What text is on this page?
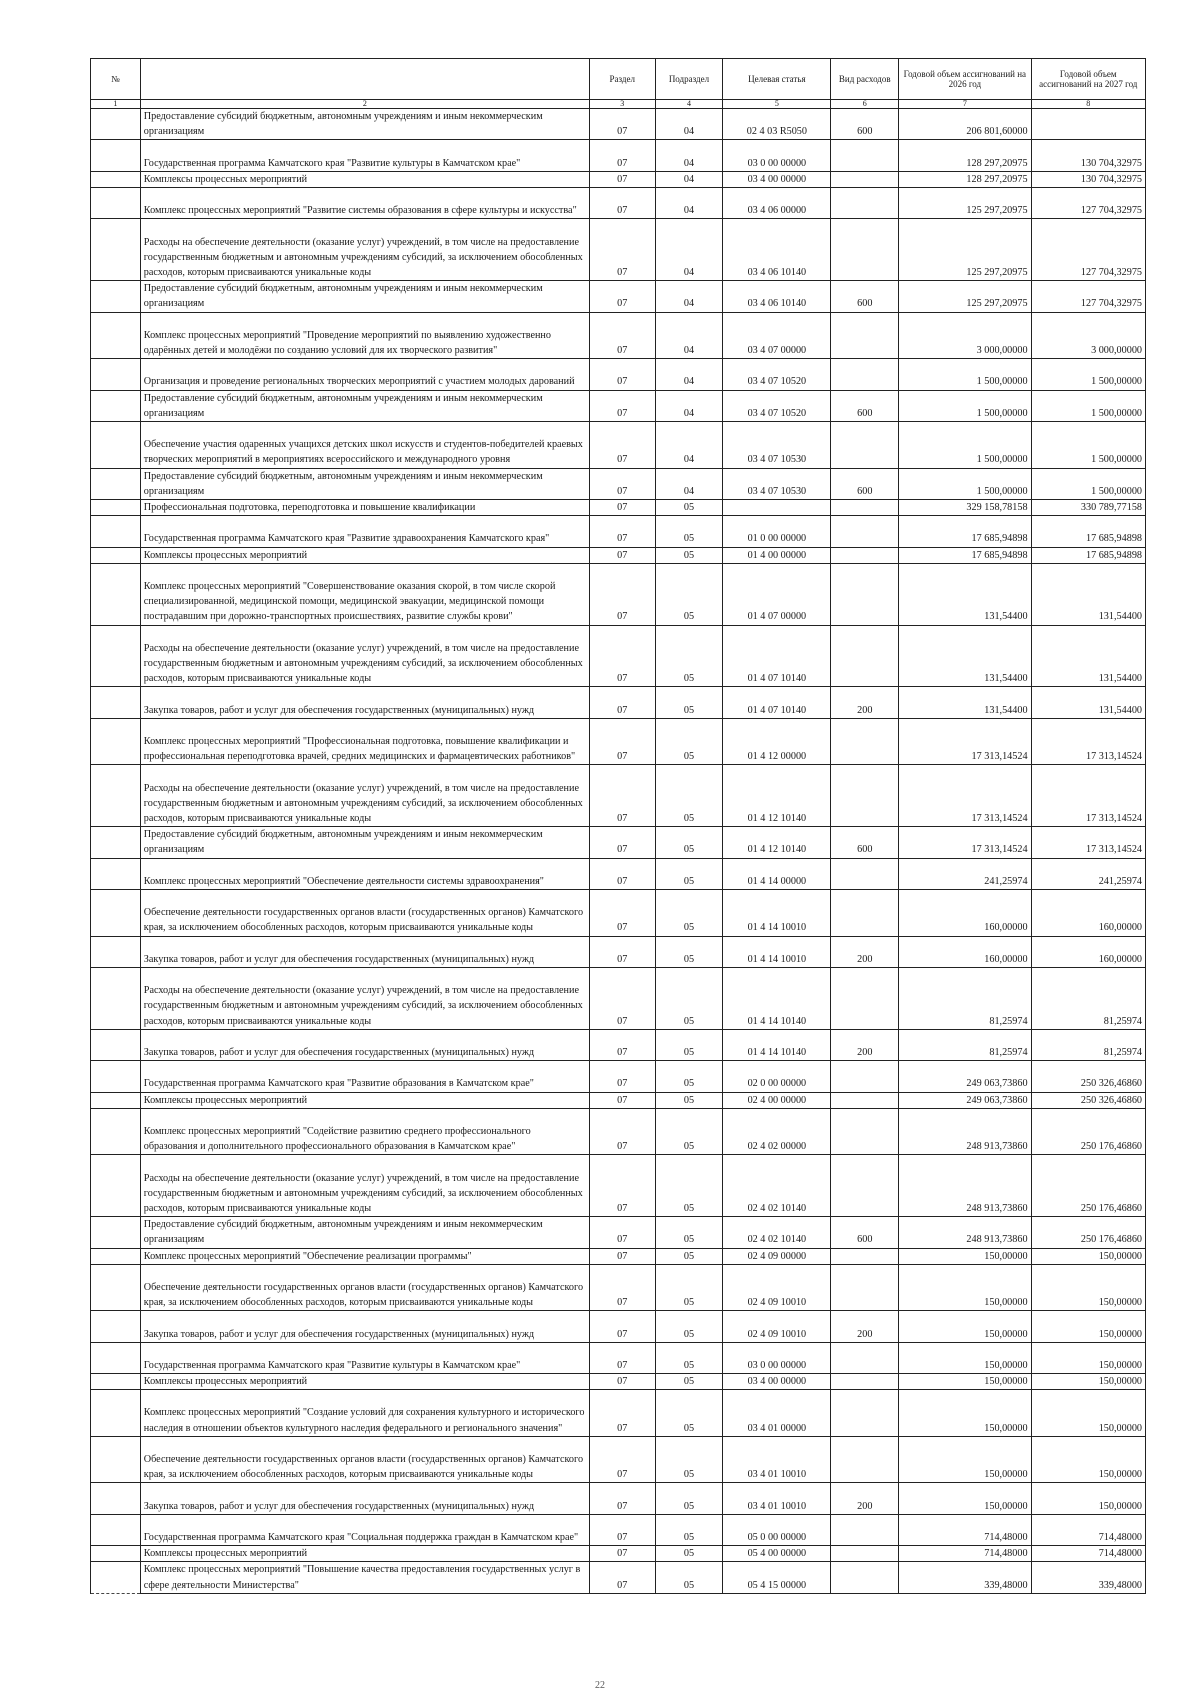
№		Раздел	Подраздел	Целевая статья	Вид расходов	Годовой объем ассигнований на 2026 год	Годовой объем ассигнований на 2027 год
1	2	3	4	5	6	7	8
	Предоставление субсидий бюджетным, автономным учреждениям и иным некоммерческим организациям	07	04	02 4 03 R5050	600	206 801,60000	
	Государственная программа Камчатского края "Развитие культуры в Камчатском крае"	07	04	03 0 00 00000		128 297,20975	130 704,32975
	Комплексы процессных мероприятий	07	04	03 4 00 00000		128 297,20975	130 704,32975
	Комплекс процессных мероприятий "Развитие системы образования в сфере культуры и искусства"	07	04	03 4 06 00000		125 297,20975	127 704,32975
	Расходы на обеспечение деятельности (оказание услуг) учреждений, в том числе на предоставление государственным бюджетным и автономным учреждениям субсидий, за исключением обособленных расходов, которым присваиваются уникальные коды	07	04	03 4 06 10140		125 297,20975	127 704,32975
	Предоставление субсидий бюджетным, автономным учреждениям и иным некоммерческим организациям	07	04	03 4 06 10140	600	125 297,20975	127 704,32975
	Комплекс процессных мероприятий "Проведение мероприятий по выявлению художественно одарённых детей и молодёжи по созданию условий для их творческого развития"	07	04	03 4 07 00000		3 000,00000	3 000,00000
	Организация и проведение региональных творческих мероприятий с участием молодых дарований	07	04	03 4 07 10520		1 500,00000	1 500,00000
	Предоставление субсидий бюджетным, автономным учреждениям и иным некоммерческим организациям	07	04	03 4 07 10520	600	1 500,00000	1 500,00000
	Обеспечение участия одаренных учащихся детских школ искусств и студентов-победителей краевых творческих мероприятий в мероприятиях всероссийского и международного уровня	07	04	03 4 07 10530		1 500,00000	1 500,00000
	Предоставление субсидий бюджетным, автономным учреждениям и иным некоммерческим организациям	07	04	03 4 07 10530	600	1 500,00000	1 500,00000
	Профессиональная подготовка, переподготовка и повышение квалификации	07	05			329 158,78158	330 789,77158
	Государственная программа Камчатского края "Развитие здравоохранения Камчатского края"	07	05	01 0 00 00000		17 685,94898	17 685,94898
	Комплексы процессных мероприятий	07	05	01 4 00 00000		17 685,94898	17 685,94898
	Комплекс процессных мероприятий "Совершенствование оказания скорой, в том числе скорой специализированной, медицинской помощи, медицинской эвакуации, медицинской помощи пострадавшим при дорожно-транспортных происшествиях, развитие службы крови"	07	05	01 4 07 00000		131,54400	131,54400
	Расходы на обеспечение деятельности (оказание услуг) учреждений, в том числе на предоставление государственным бюджетным и автономным учреждениям субсидий, за исключением обособленных расходов, которым присваиваются уникальные коды	07	05	01 4 07 10140		131,54400	131,54400
	Закупка товаров, работ и услуг для обеспечения государственных (муниципальных) нужд	07	05	01 4 07 10140	200	131,54400	131,54400
	Комплекс процессных мероприятий "Профессиональная подготовка, повышение квалификации и профессиональная переподготовка врачей, средних медицинских и фармацевтических работников"	07	05	01 4 12 00000		17 313,14524	17 313,14524
	Расходы на обеспечение деятельности (оказание услуг) учреждений, в том числе на предоставление государственным бюджетным и автономным учреждениям субсидий, за исключением обособленных расходов, которым присваиваются уникальные коды	07	05	01 4 12 10140		17 313,14524	17 313,14524
	Предоставление субсидий бюджетным, автономным учреждениям и иным некоммерческим организациям	07	05	01 4 12 10140	600	17 313,14524	17 313,14524
	Комплекс процессных мероприятий "Обеспечение деятельности системы здравоохранения"	07	05	01 4 14 00000		241,25974	241,25974
	Обеспечение деятельности государственных органов власти (государственных органов) Камчатского края, за исключением обособленных расходов, которым присваиваются уникальные коды	07	05	01 4 14 10010		160,00000	160,00000
	Закупка товаров, работ и услуг для обеспечения государственных (муниципальных) нужд	07	05	01 4 14 10010	200	160,00000	160,00000
	Расходы на обеспечение деятельности (оказание услуг) учреждений, в том числе на предоставление государственным бюджетным и автономным учреждениям субсидий, за исключением обособленных расходов, которым присваиваются уникальные коды	07	05	01 4 14 10140		81,25974	81,25974
	Закупка товаров, работ и услуг для обеспечения государственных (муниципальных) нужд	07	05	01 4 14 10140	200	81,25974	81,25974
	Государственная программа Камчатского края "Развитие образования в Камчатском крае"	07	05	02 0 00 00000		249 063,73860	250 326,46860
	Комплексы процессных мероприятий	07	05	02 4 00 00000		249 063,73860	250 326,46860
	Комплекс процессных мероприятий "Содействие развитию среднего профессионального образования и дополнительного профессионального образования в Камчатском крае"	07	05	02 4 02 00000		248 913,73860	250 176,46860
	Расходы на обеспечение деятельности (оказание услуг) учреждений, в том числе на предоставление государственным бюджетным и автономным учреждениям субсидий, за исключением обособленных расходов, которым присваиваются уникальные коды	07	05	02 4 02 10140		248 913,73860	250 176,46860
	Предоставление субсидий бюджетным, автономным учреждениям и иным некоммерческим организациям	07	05	02 4 02 10140	600	248 913,73860	250 176,46860
	Комплекс процессных мероприятий "Обеспечение реализации программы"	07	05	02 4 09 00000		150,00000	150,00000
	Обеспечение деятельности государственных органов власти (государственных органов) Камчатского края, за исключением обособленных расходов, которым присваиваются уникальные коды	07	05	02 4 09 10010		150,00000	150,00000
	Закупка товаров, работ и услуг для обеспечения государственных (муниципальных) нужд	07	05	02 4 09 10010	200	150,00000	150,00000
	Государственная программа Камчатского края "Развитие культуры в Камчатском крае"	07	05	03 0 00 00000		150,00000	150,00000
	Комплексы процессных мероприятий	07	05	03 4 00 00000		150,00000	150,00000
	Комплекс процессных мероприятий "Создание условий для сохранения культурного и исторического наследия в отношении объектов культурного наследия федерального и регионального значения"	07	05	03 4 01 00000		150,00000	150,00000
	Обеспечение деятельности государственных органов власти (государственных органов) Камчатского края, за исключением обособленных расходов, которым присваиваются уникальные коды	07	05	03 4 01 10010		150,00000	150,00000
	Закупка товаров, работ и услуг для обеспечения государственных (муниципальных) нужд	07	05	03 4 01 10010	200	150,00000	150,00000
	Государственная программа Камчатского края "Социальная поддержка граждан в Камчатском крае"	07	05	05 0 00 00000		714,48000	714,48000
	Комплексы процессных мероприятий	07	05	05 4 00 00000		714,48000	714,48000
	Комплекс процессных мероприятий "Повышение качества предоставления государственных услуг в сфере деятельности Министерства"	07	05	05 4 15 00000		339,48000	339,48000
22
